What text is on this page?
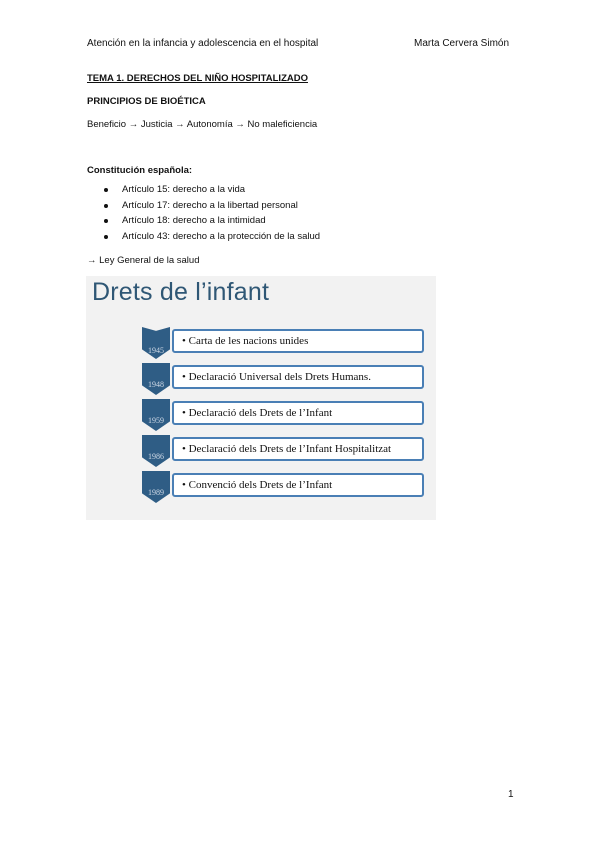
Atención en la infancia y adolescencia en el hospital	Marta Cervera Simón
TEMA 1. DERECHOS DEL NIÑO HOSPITALIZADO
PRINCIPIOS DE BIOÉTICA
Beneficio → Justicia → Autonomía → No maleficiencia
Constitución española:
Artículo 15: derecho a la vida
Artículo 17: derecho a la libertad personal
Artículo 18: derecho a la intimidad
Artículo 43: derecho a la protección de la salud
→ Ley General de la salud
Drets de l’infant
1945
• Carta de les nacions unides
1948
• Declaració Universal dels Drets Humans.
1959
• Declaració dels Drets de l’Infant
1986
• Declaració dels Drets de l’Infant Hospitalitzat
1989
• Convenció dels Drets de l’Infant
1
